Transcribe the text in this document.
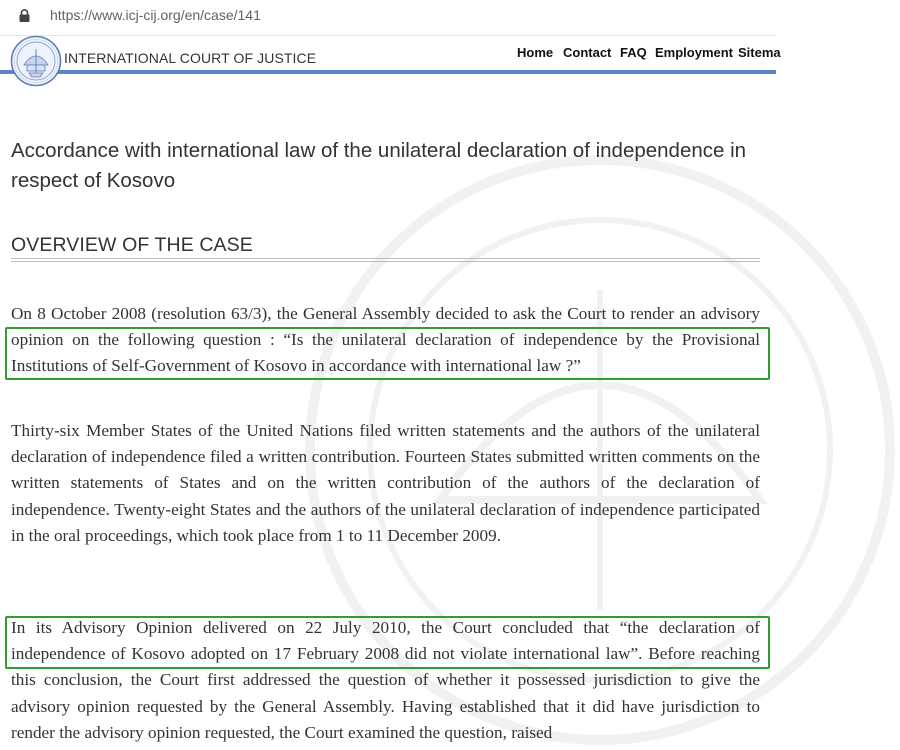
https://www.icj-cij.org/en/case/141
INTERNATIONAL COURT OF JUSTICE	Home Contact FAQ Employment Sitema
Accordance with international law of the unilateral declaration of independence in respect of Kosovo
OVERVIEW OF THE CASE

On 8 October 2008 (resolution 63/3), the General Assembly decided to ask the Court to render an advisory opinion on the following question : “Is the unilateral declaration of independence by the Provisional Institutions of Self-Government of Kosovo in accordance with international law ?”

Thirty-six Member States of the United Nations filed written statements and the authors of the unilateral declaration of independence filed a written contribution. Fourteen States submitted written comments on the written statements of States and on the written contribution of the authors of the declaration of independence. Twenty-eight States and the authors of the unilateral declaration of independence participated in the oral proceedings, which took place from 1 to 11 December 2009.

In its Advisory Opinion delivered on 22 July 2010, the Court concluded that “the declaration of independence of Kosovo adopted on 17 February 2008 did not violate international law”. Before reaching this conclusion, the Court first addressed the question of whether it possessed jurisdiction to give the advisory opinion requested by the General Assembly. Having established that it did have jurisdiction to render the advisory opinion requested, the Court examined the question, raised
